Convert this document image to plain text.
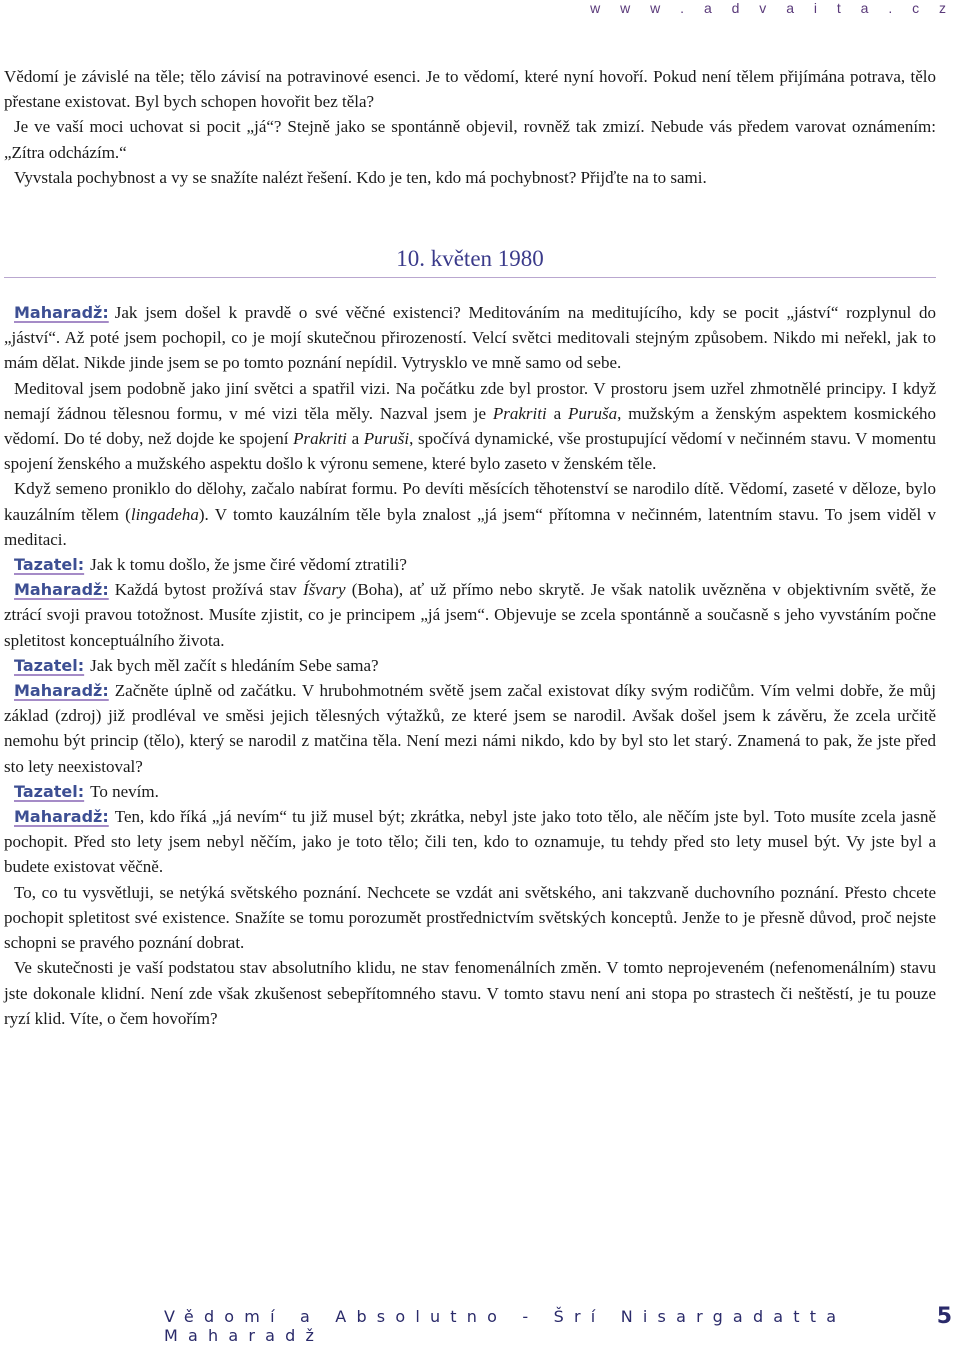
w w w . a d v a i t a . c z

Vědomí je závislé na těle; tělo závisí na potravinové esenci. Je to vědomí, které nyní hovoří. Pokud není tělem přijímána potrava, tělo přestane existovat. Byl bych schopen hovořit bez těla?

Je ve vaší moci uchovat si pocit „já“? Stejně jako se spontánně objevil, rovněž tak zmizí. Nebude vás předem varovat oznámením: „Zítra odcházím.“

Vyvstala pochybnost a vy se snažíte nalézt řešení. Kdo je ten, kdo má pochybnost? Přijďte na to sami.

10. květen 1980

Maharadž: Jak jsem došel k pravdě o své věčné existenci? Meditováním na meditujícího, kdy se pocit „jáství“ rozplynul do „jáství“. Až poté jsem pochopil, co je mojí skutečnou přirozeností. Velcí světci meditovali stejným způsobem. Nikdo mi neřekl, jak to mám dělat. Nikde jinde jsem se po tomto poznání nepídil. Vytrysklo ve mně samo od sebe.

Meditoval jsem podobně jako jiní světci a spatřil vizi. Na počátku zde byl prostor. V prostoru jsem uzřel zhmotnělé principy. I když nemají žádnou tělesnou formu, v mé vizi těla měly. Nazval jsem je Prakriti a Puruša, mužským a ženským aspektem kosmického vědomí. Do té doby, než dojde ke spojení Prakriti a Puruši, spočívá dynamické, vše prostupující vědomí v nečinném stavu. V momentu spojení ženského a mužského aspektu došlo k výronu semene, které bylo zaseto v ženském těle.

Když semeno proniklo do dělohy, začalo nabírat formu. Po devíti měsících těhotenství se narodilo dítě. Vědomí, zaseté v děloze, bylo kauzálním tělem (lingadeha). V tomto kauzálním těle byla znalost „já jsem“ přítomna v nečinném, latentním stavu. To jsem viděl v meditaci.

Tazatel: Jak k tomu došlo, že jsme čiré vědomí ztratili?

Maharadž: Každá bytost prožívá stav Íšvary (Boha), ať už přímo nebo skrytě. Je však natolik uvězněna v objektivním světě, že ztrácí svoji pravou totožnost. Musíte zjistit, co je principem „já jsem“. Objevuje se zcela spontánně a současně s jeho vyvstáním počne spletitost konceptuálního života.

Tazatel: Jak bych měl začít s hledáním Sebe sama?

Maharadž: Začněte úplně od začátku. V hrubohmotném světě jsem začal existovat díky svým rodičům. Vím velmi dobře, že můj základ (zdroj) již prodléval ve směsi jejich tělesných výtažků, ze které jsem se narodil. Avšak došel jsem k závěru, že zcela určitě nemohu být princip (tělo), který se narodil z matčina těla. Není mezi námi nikdo, kdo by byl sto let starý. Znamená to pak, že jste před sto lety neexistoval?

Tazatel: To nevím.

Maharadž: Ten, kdo říká „já nevím“ tu již musel být; zkrátka, nebyl jste jako toto tělo, ale něčím jste byl. Toto musíte zcela jasně pochopit. Před sto lety jsem nebyl něčím, jako je toto tělo; čili ten, kdo to oznamuje, tu tehdy před sto lety musel být. Vy jste byl a budete existovat věčně.

To, co tu vysvětluji, se netýká světského poznání. Nechcete se vzdát ani světského, ani takzvaně duchovního poznání. Přesto chcete pochopit spletitost své existence. Snažíte se tomu porozumět prostřednictvím světských konceptů. Jenže to je přesně důvod, proč nejste schopni se pravého poznání dobrat.

Ve skutečnosti je vaší podstatou stav absolutního klidu, ne stav fenomenálních změn. V tomto neprojeveném (nefenomenálním) stavu jste dokonale klidní. Není zde však zkušenost sebepřítomného stavu. V tomto stavu není ani stopa po strastech či neštěstí, je tu pouze ryzí klid. Víte, o čem hovořím?

Vědomí a Absolutno - Šrí Nisargadatta Maharadž
5
